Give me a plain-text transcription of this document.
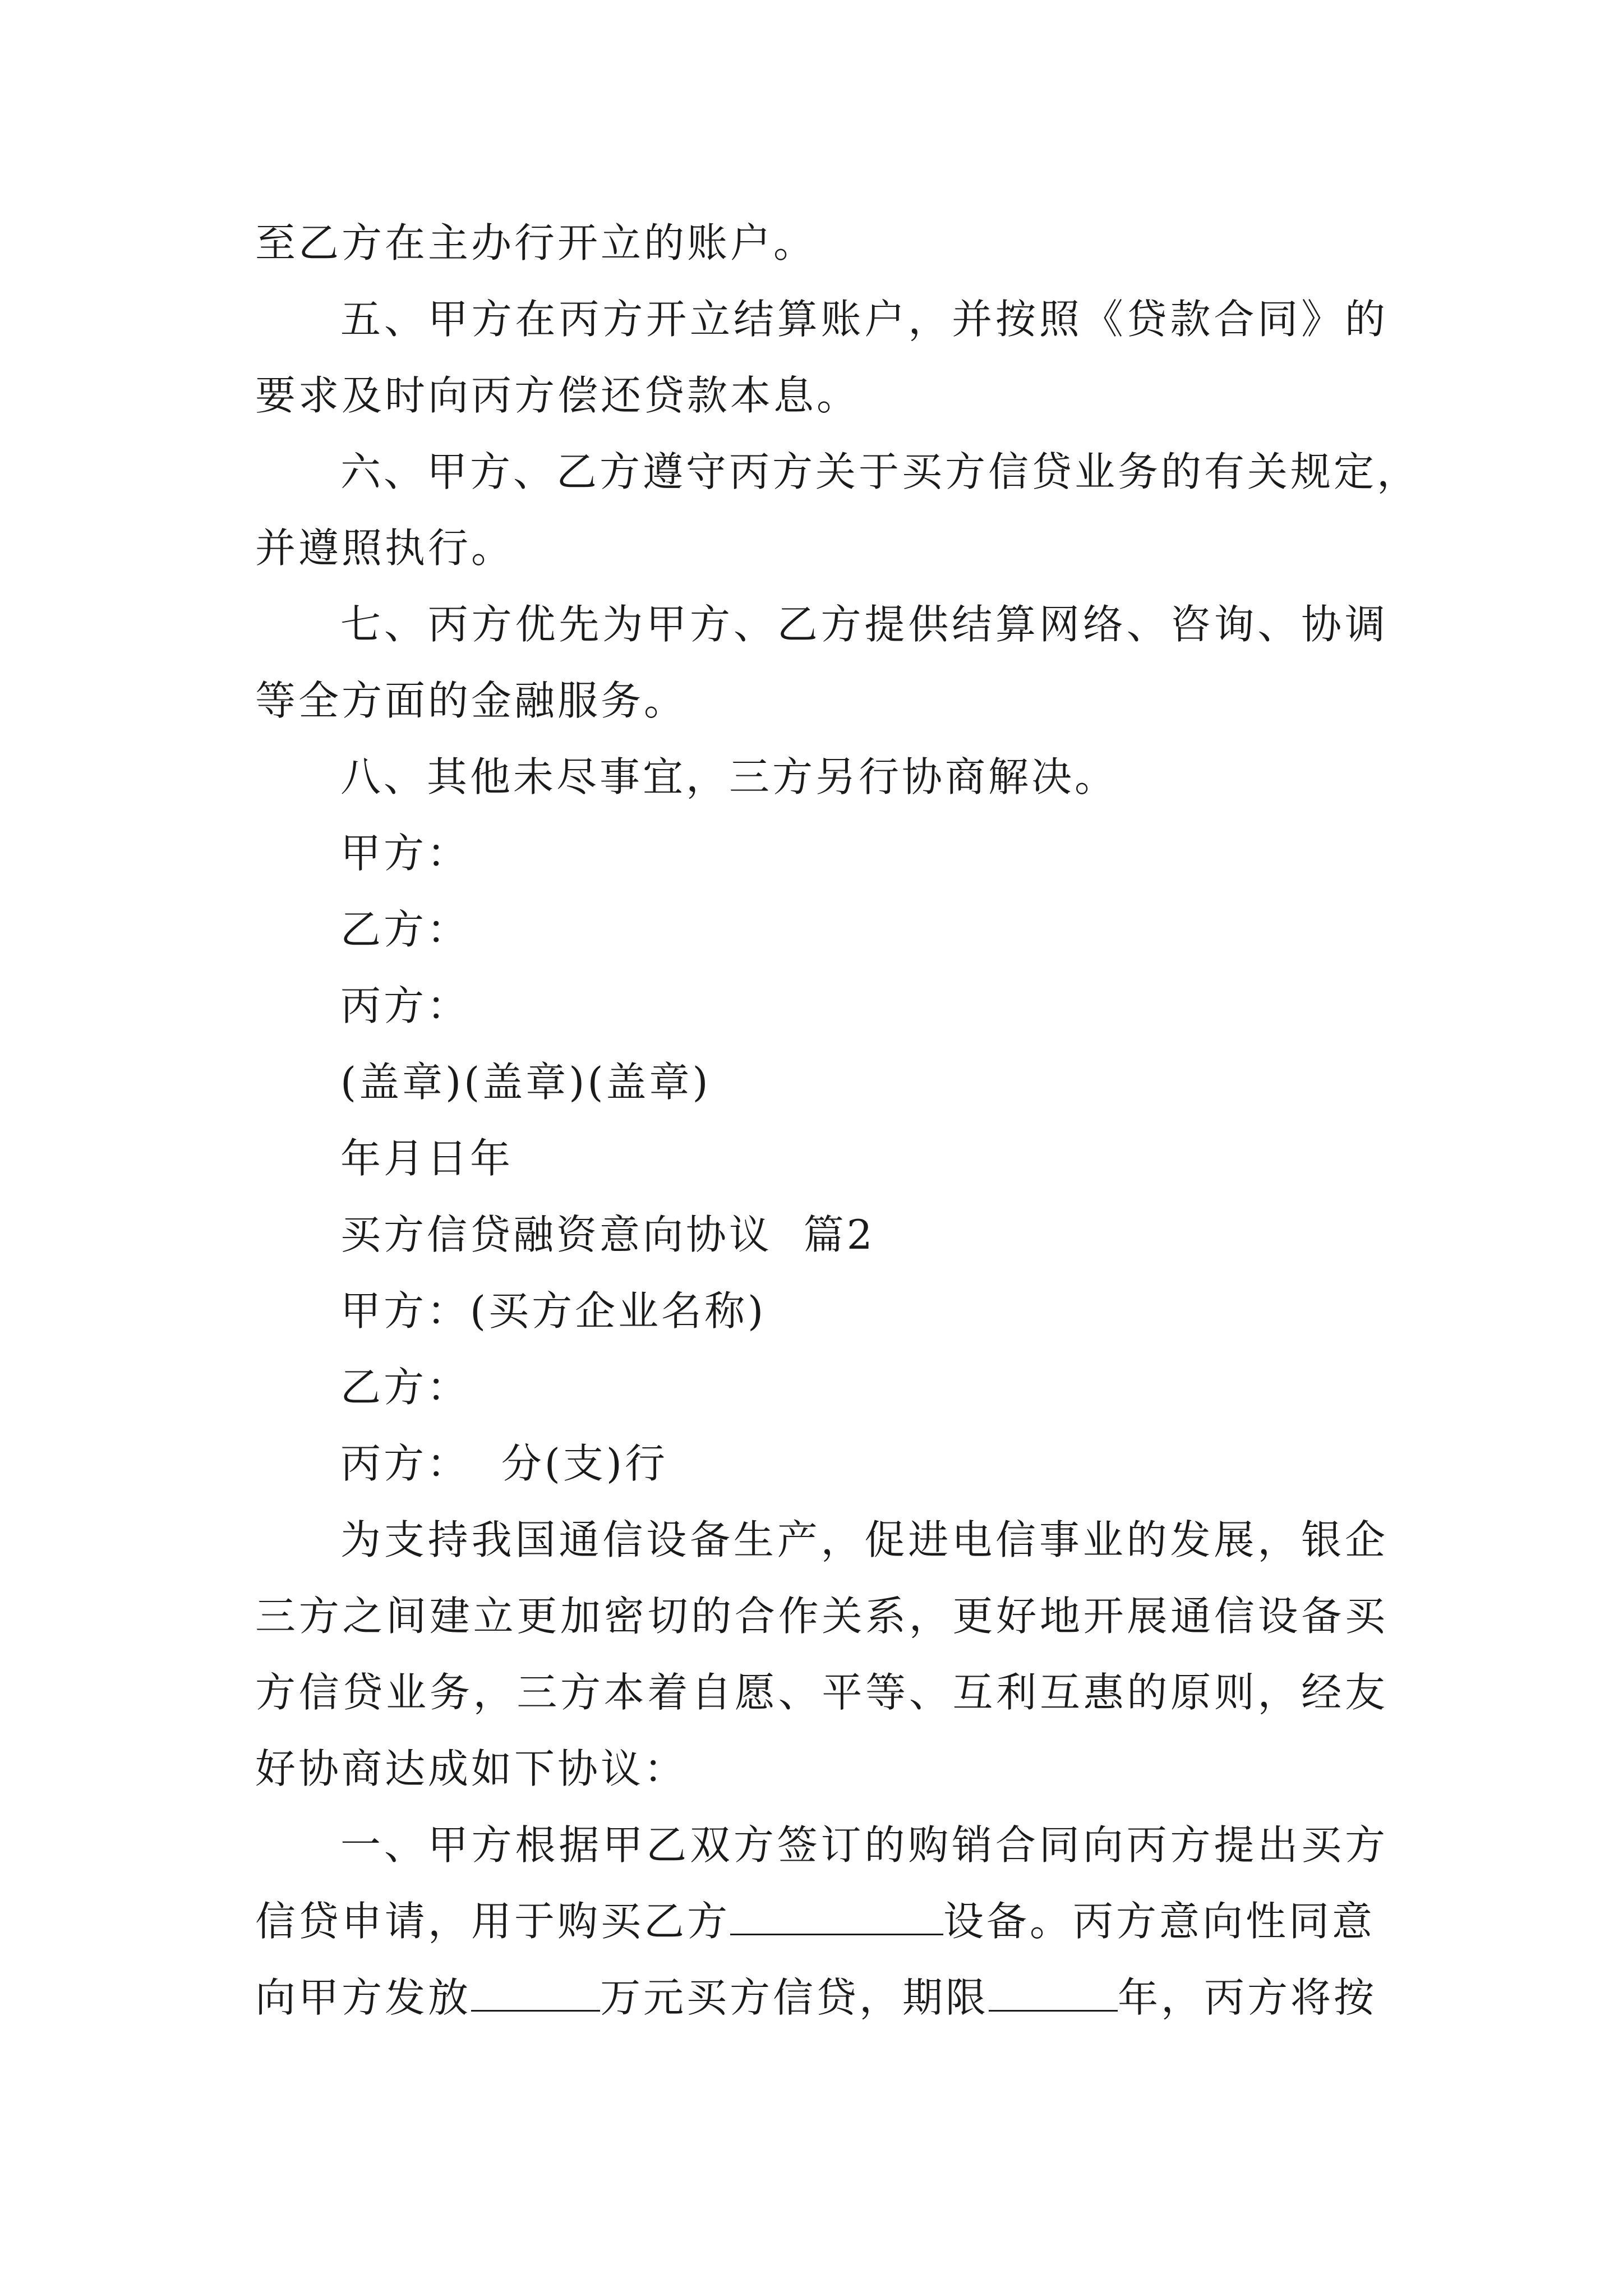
至乙方在主办行开立的账户。
五、甲方在丙方开立结算账户，并按照《贷款合同》的
要求及时向丙方偿还贷款本息。
六、甲方、乙方遵守丙方关于买方信贷业务的有关规定，
并遵照执行。
七、丙方优先为甲方、乙方提供结算网络、咨询、协调
等全方面的金融服务。
八、其他未尽事宜，三方另行协商解决。
甲方：
乙方：
丙方：
(盖章)(盖章)(盖章)
年月日年
买方信贷融资意向协议  篇2
甲方：(买方企业名称)
乙方：
丙方：  分(支)行
为支持我国通信设备生产，促进电信事业的发展，银企
三方之间建立更加密切的合作关系，更好地开展通信设备买
方信贷业务，三方本着自愿、平等、互利互惠的原则，经友
好协商达成如下协议：
一、甲方根据甲乙双方签订的购销合同向丙方提出买方
信贷申请，用于购买乙方	设备。丙方意向性同意
向甲方发放	万元买方信贷，期限	年，丙方将按
